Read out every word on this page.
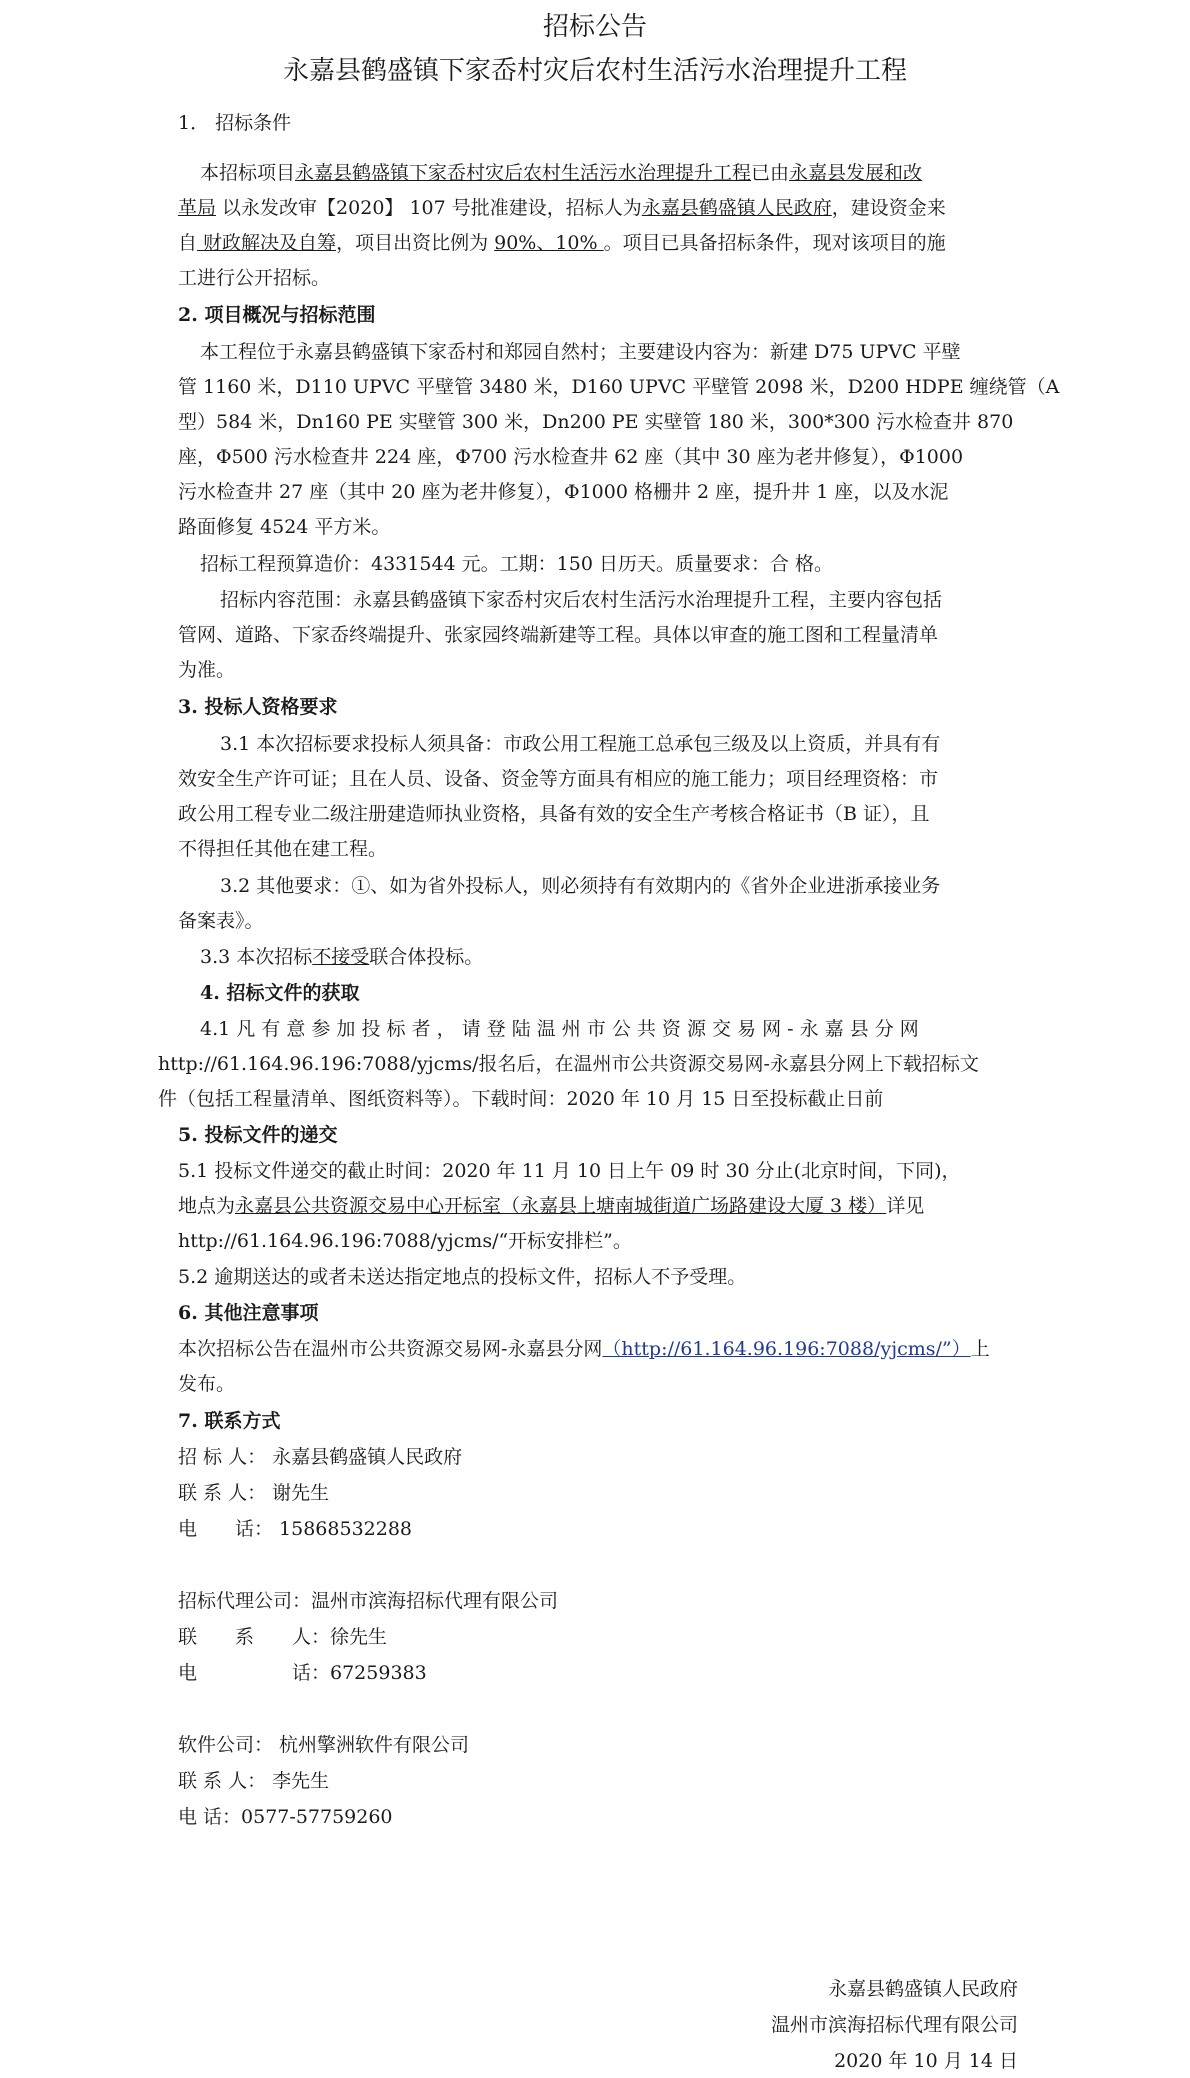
招标公告
永嘉县鹤盛镇下家岙村灾后农村生活污水治理提升工程
1． 招标条件
本招标项目永嘉县鹤盛镇下家岙村灾后农村生活污水治理提升工程已由永嘉县发展和改
革局 以永发改审【2020】 107 号批准建设，招标人为永嘉县鹤盛镇人民政府，建设资金来
自 财政解决及自筹，项目出资比例为 90%、10% 。项目已具备招标条件，现对该项目的施
工进行公开招标。
2. 项目概况与招标范围
本工程位于永嘉县鹤盛镇下家岙村和郑园自然村；主要建设内容为：新建 D75 UPVC 平壁
管 1160 米，D110 UPVC 平壁管 3480 米，D160 UPVC 平壁管 2098 米，D200 HDPE 缠绕管（A
型）584 米，Dn160 PE 实壁管 300 米，Dn200 PE 实壁管 180 米，300*300 污水检查井 870
座，Φ500 污水检查井 224 座，Φ700 污水检查井 62 座（其中 30 座为老井修复），Φ1000
污水检查井 27 座（其中 20 座为老井修复），Φ1000 格栅井 2 座，提升井 1 座，以及水泥
路面修复 4524 平方米。
招标工程预算造价：4331544 元。工期：150 日历天。质量要求：合 格。
招标内容范围：永嘉县鹤盛镇下家岙村灾后农村生活污水治理提升工程，主要内容包括
管网、道路、下家岙终端提升、张家园终端新建等工程。具体以审查的施工图和工程量清单
为准。
3. 投标人资格要求
3.1 本次招标要求投标人须具备：市政公用工程施工总承包三级及以上资质，并具有有
效安全生产许可证；且在人员、设备、资金等方面具有相应的施工能力；项目经理资格：市
政公用工程专业二级注册建造师执业资格，具备有效的安全生产考核合格证书（B 证），且
不得担任其他在建工程。
3.2 其他要求：①、如为省外投标人，则必须持有有效期内的《省外企业进浙承接业务
备案表》。
3.3 本次招标不接受联合体投标。
4. 招标文件的获取
4.1 凡 有 意 参 加 投 标 者 ， 请 登 陆 温 州 市 公 共 资 源 交 易 网 - 永 嘉 县 分 网
http://61.164.96.196:7088/yjcms/报名后，在温州市公共资源交易网-永嘉县分网上下载招标文
件（包括工程量清单、图纸资料等）。下载时间：2020 年 10 月 15 日至投标截止日前
5. 投标文件的递交
5.1 投标文件递交的截止时间：2020 年 11 月 10 日上午 09 时 30 分止(北京时间，下同)，
地点为永嘉县公共资源交易中心开标室（永嘉县上塘南城街道广场路建设大厦 3 楼）详见
http://61.164.96.196:7088/yjcms/“开标安排栏”。
5.2 逾期送达的或者未送达指定地点的投标文件，招标人不予受理。
6. 其他注意事项
本次招标公告在温州市公共资源交易网-永嘉县分网（http://61.164.96.196:7088/yjcms/”）上
发布。
7. 联系方式
招 标 人： 永嘉县鹤盛镇人民政府
联 系 人： 谢先生
电　　话： 15868532288
招标代理公司：温州市滨海招标代理有限公司
联　　系　　人：徐先生
电　　　　　话：67259383
软件公司： 杭州擎洲软件有限公司
联 系 人： 李先生
电 话：0577-57759260
永嘉县鹤盛镇人民政府
温州市滨海招标代理有限公司
2020 年 10 月 14 日
